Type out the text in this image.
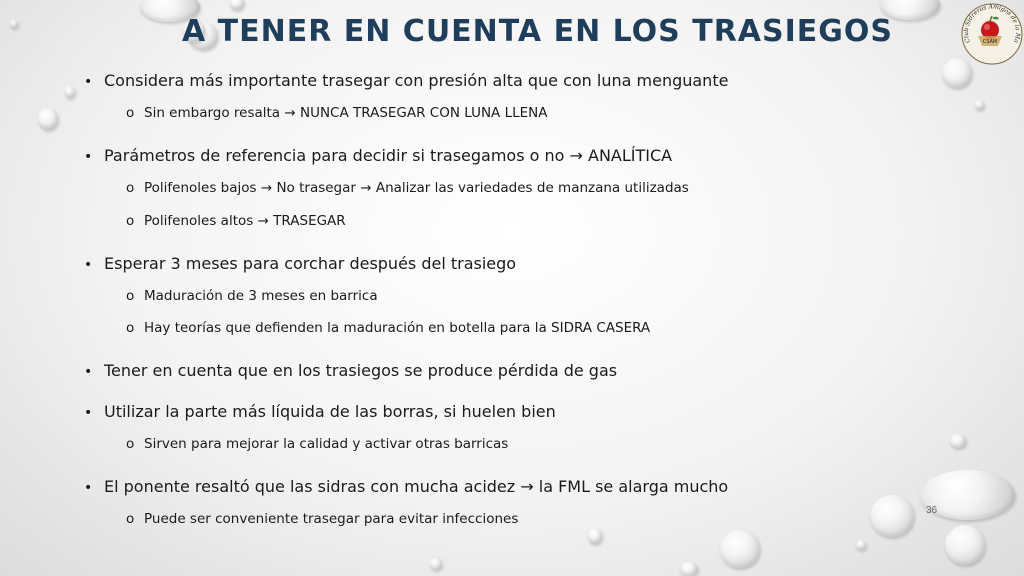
Club Sidreros Amigos de la Ma
CSAM
A TENER EN CUENTA EN LOS TRASIEGOS
• Considera más importante trasegar con presión alta que con luna menguante
o Sin embargo resalta → NUNCA TRASEGAR CON LUNA LLENA
• Parámetros de referencia para decidir si trasegamos o no → ANALÍTICA
o Polifenoles bajos → No trasegar → Analizar las variedades de manzana utilizadas
o Polifenoles altos → TRASEGAR
• Esperar 3 meses para corchar después del trasiego
o Maduración de 3 meses en barrica
o Hay teorías que defienden la maduración en botella para la SIDRA CASERA
• Tener en cuenta que en los trasiegos se produce pérdida de gas
• Utilizar la parte más líquida de las borras, si huelen bien
o Sirven para mejorar la calidad y activar otras barricas
• El ponente resaltó que las sidras con mucha acidez → la FML se alarga mucho
o Puede ser conveniente trasegar para evitar infecciones
36
